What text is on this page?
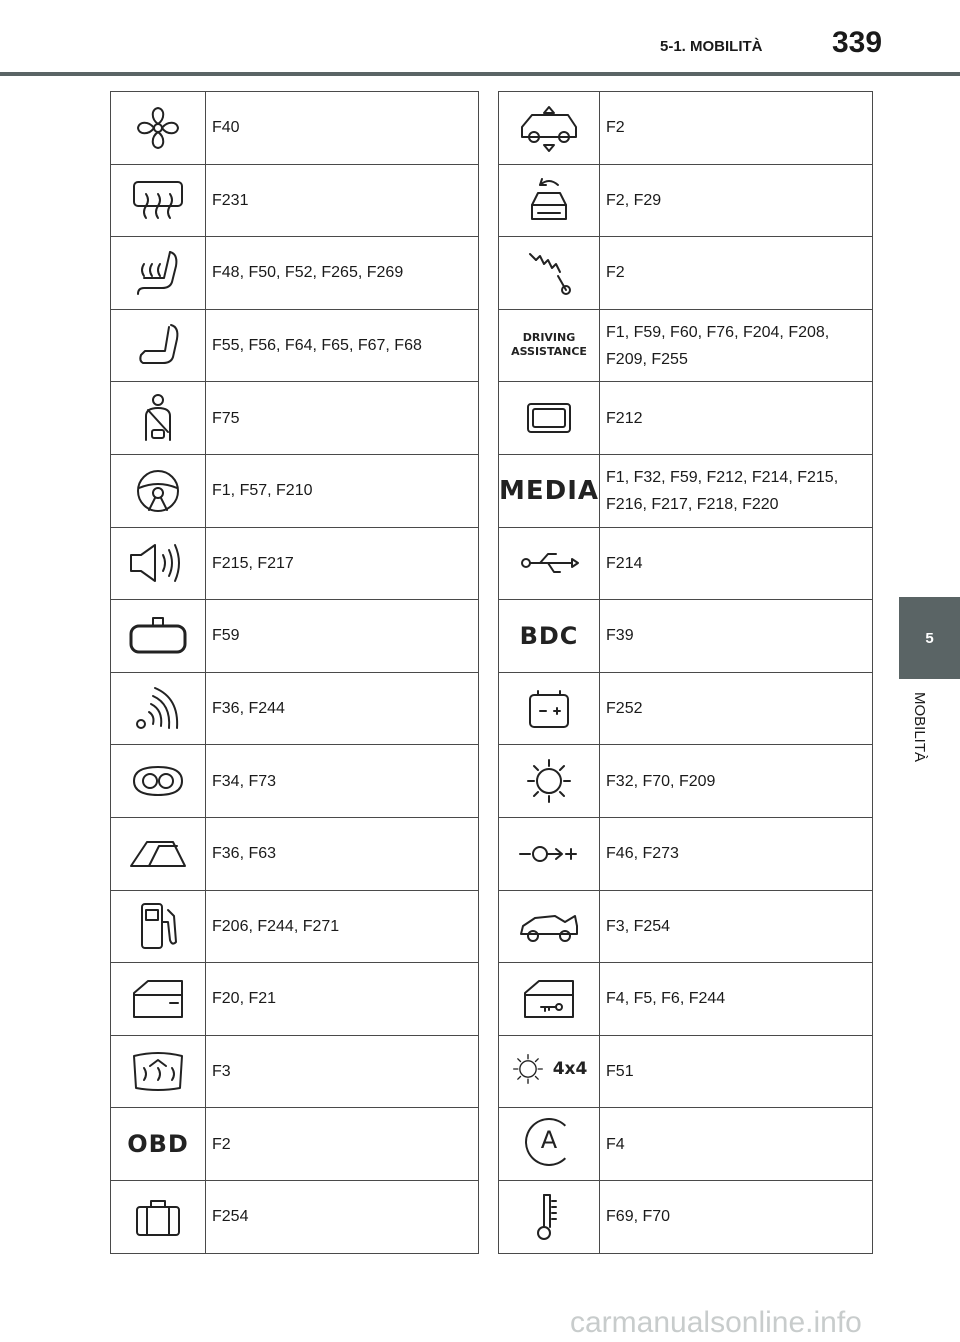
5-1. MOBILITÀ 339
5
MOBILITÀ
	F40

	F231

	F48, F50, F52, F265, F269

	F55, F56, F64, F65, F67, F68

	F75

	F1, F57, F210

	F215, F217

	F59

	F36, F244

	F34, F73

	F36, F63

	F206, F244, F271

	F20, F21

	F3
OBD	F2

	F254
	F2

	F2, F29

	F2
DRIVING
ASSISTANCE	F1, F59, F60, F76, F204, F208, F209, F255

	F212
MEDIA	F1, F32, F59, F212, F214, F215, F216, F217, F218, F220

	F214
BDC	F39

	F252

	F32, F70, F209

	F46, F273

	F3, F254

	F4, F5, F6, F244

4x4	F51

A	F4

	F69, F70
carmanualsonline.info
